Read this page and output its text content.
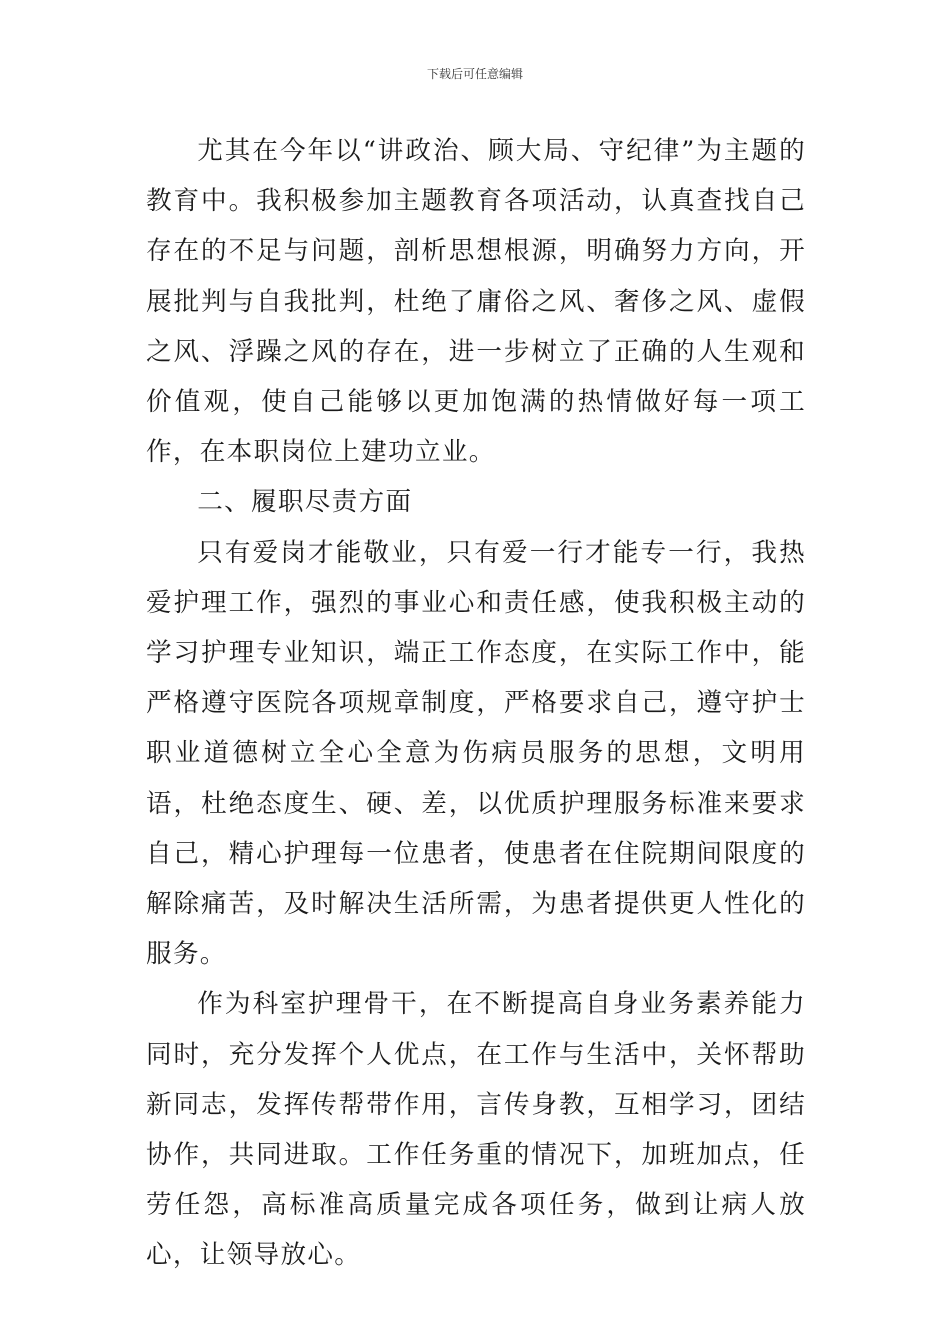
下载后可任意编辑

尤其在今年以“讲政治、顾大局、守纪律”为主题的教育中。我积极参加主题教育各项活动，认真查找自己存在的不足与问题，剖析思想根源，明确努力方向，开展批判与自我批判，杜绝了庸俗之风、奢侈之风、虚假之风、浮躁之风的存在，进一步树立了正确的人生观和价值观，使自己能够以更加饱满的热情做好每一项工作，在本职岗位上建功立业。

二、履职尽责方面

只有爱岗才能敬业，只有爱一行才能专一行，我热爱护理工作，强烈的事业心和责任感，使我积极主动的学习护理专业知识，端正工作态度，在实际工作中，能严格遵守医院各项规章制度，严格要求自己，遵守护士职业道德树立全心全意为伤病员服务的思想，文明用语，杜绝态度生、硬、差，以优质护理服务标准来要求自己，精心护理每一位患者，使患者在住院期间限度的解除痛苦，及时解决生活所需，为患者提供更人性化的服务。

作为科室护理骨干，在不断提高自身业务素养能力同时，充分发挥个人优点，在工作与生活中，关怀帮助新同志，发挥传帮带作用，言传身教，互相学习，团结协作，共同进取。工作任务重的情况下，加班加点，任劳任怨，高标准高质量完成各项任务，做到让病人放心，让领导放心。
